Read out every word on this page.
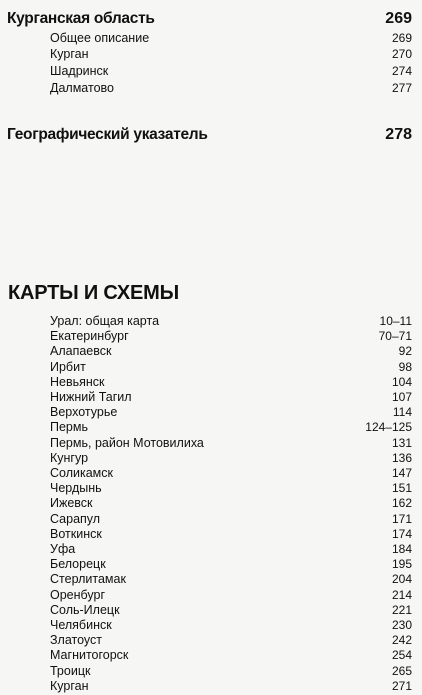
Курганская область	269
Общее описание	269
Курган	270
Шадринск	274
Далматово	277
Географический указатель	278
КАРТЫ И СХЕМЫ
Урал: общая карта	10–11
Екатеринбург	70–71
Алапаевск	92
Ирбит	98
Невьянск	104
Нижний Тагил	107
Верхотурье	114
Пермь	124–125
Пермь, район Мотовилиха	131
Кунгур	136
Соликамск	147
Чердынь	151
Ижевск	162
Сарапул	171
Воткинск	174
Уфа	184
Белорецк	195
Стерлитамак	204
Оренбург	214
Соль-Илецк	221
Челябинск	230
Златоуст	242
Магнитогорск	254
Троицк	265
Курган	271
